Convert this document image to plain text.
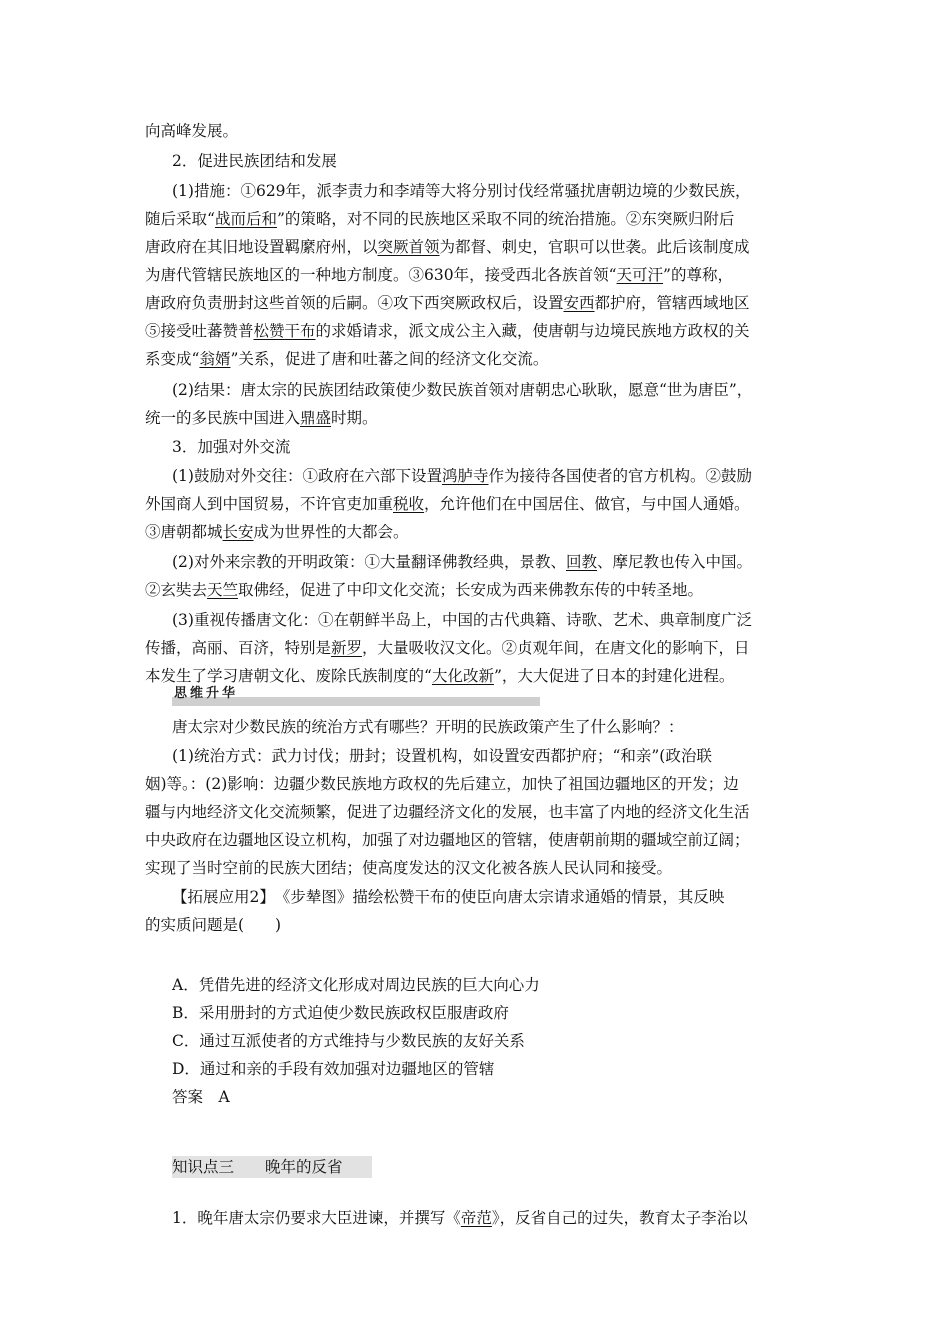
向高峰发展。
2．促进民族团结和发展
(1)措施：①629年，派李责力和李靖等大将分别讨伐经常骚扰唐朝边境的少数民族，
随后采取“战而后和”的策略，对不同的民族地区采取不同的统治措施。②东突厥归附后
唐政府在其旧地设置羁縻府州，以突厥首领为都督、刺史，官职可以世袭。此后该制度成
为唐代管辖民族地区的一种地方制度。③630年，接受西北各族首领“天可汗”的尊称，
唐政府负责册封这些首领的后嗣。④攻下西突厥政权后，设置安西都护府，管辖西域地区
⑤接受吐蕃赞普松赞干布的求婚请求，派文成公主入藏，使唐朝与边境民族地方政权的关
系变成“翁婿”关系，促进了唐和吐蕃之间的经济文化交流。
(2)结果：唐太宗的民族团结政策使少数民族首领对唐朝忠心耿耿，愿意“世为唐臣”，
统一的多民族中国进入鼎盛时期。
3．加强对外交流
(1)鼓励对外交往：①政府在六部下设置鸿胪寺作为接待各国使者的官方机构。②鼓励
外国商人到中国贸易，不许官吏加重税收，允许他们在中国居住、做官，与中国人通婚。
③唐朝都城长安成为世界性的大都会。
(2)对外来宗教的开明政策：①大量翻译佛教经典，景教、回教、摩尼教也传入中国。
②玄奘去天竺取佛经，促进了中印文化交流；长安成为西来佛教东传的中转圣地。
(3)重视传播唐文化：①在朝鲜半岛上，中国的古代典籍、诗歌、艺术、典章制度广泛
传播，高丽、百济，特别是新罗，大量吸收汉文化。②贞观年间，在唐文化的影响下，日
本发生了学习唐朝文化、废除氏族制度的“大化改新”，大大促进了日本的封建化进程。
思维升华
唐太宗对少数民族的统治方式有哪些？开明的民族政策产生了什么影响？：
(1)统治方式：武力讨伐；册封；设置机构，如设置安西都护府；“和亲”(政治联
姻)等。：(2)影响：边疆少数民族地方政权的先后建立，加快了祖国边疆地区的开发；边
疆与内地经济文化交流频繁，促进了边疆经济文化的发展，也丰富了内地的经济文化生活
中央政府在边疆地区设立机构，加强了对边疆地区的管辖，使唐朝前期的疆域空前辽阔；
实现了当时空前的民族大团结；使高度发达的汉文化被各族人民认同和接受。
【拓展应用2】　《步辇图》描绘松赞干布的使臣向唐太宗请求通婚的情景，其反映
的实质问题是(　　)
A．凭借先进的经济文化形成对周边民族的巨大向心力
B．采用册封的方式迫使少数民族政权臣服唐政府
C．通过互派使者的方式维持与少数民族的友好关系
D．通过和亲的手段有效加强对边疆地区的管辖
答案　A
知识点三　　晚年的反省
1．晚年唐太宗仍要求大臣进谏，并撰写《帝范》，反省自己的过失，教育太子李治以
